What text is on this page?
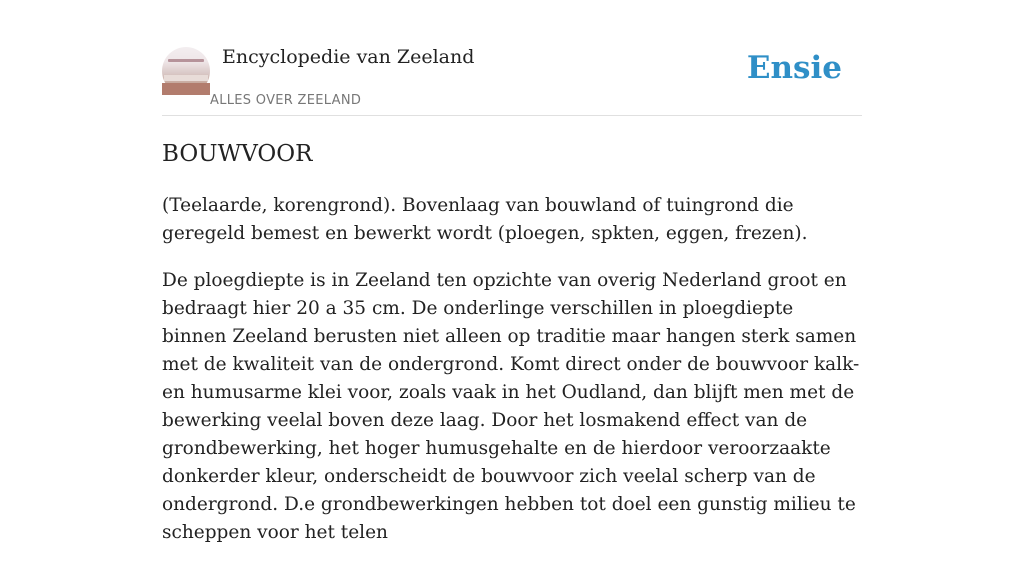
Encyclopedie van Zeeland
ALLES OVER ZEELAND
Ensie
BOUWVOOR

(Teelaarde, korengrond). Bovenlaag van bouwland of tuingrond die geregeld bemest en bewerkt wordt (ploegen, spkten, eggen, frezen).

De ploegdiepte is in Zeeland ten opzichte van overig Nederland groot en bedraagt hier 20 a 35 cm. De onderlinge verschillen in ploegdiepte binnen Zeeland berusten niet alleen op traditie maar hangen sterk samen met de kwaliteit van de ondergrond. Komt direct onder de bouwvoor kalk- en humusarme klei voor, zoals vaak in het Oudland, dan blijft men met de bewerking veelal boven deze laag. Door het losmakend effect van de grondbewerking, het hoger humusgehalte en de hierdoor veroorzaakte donkerder kleur, onderscheidt de bouwvoor zich veelal scherp van de ondergrond. D.e grondbewerkingen hebben tot doel een gunstig milieu te scheppen voor het telen
